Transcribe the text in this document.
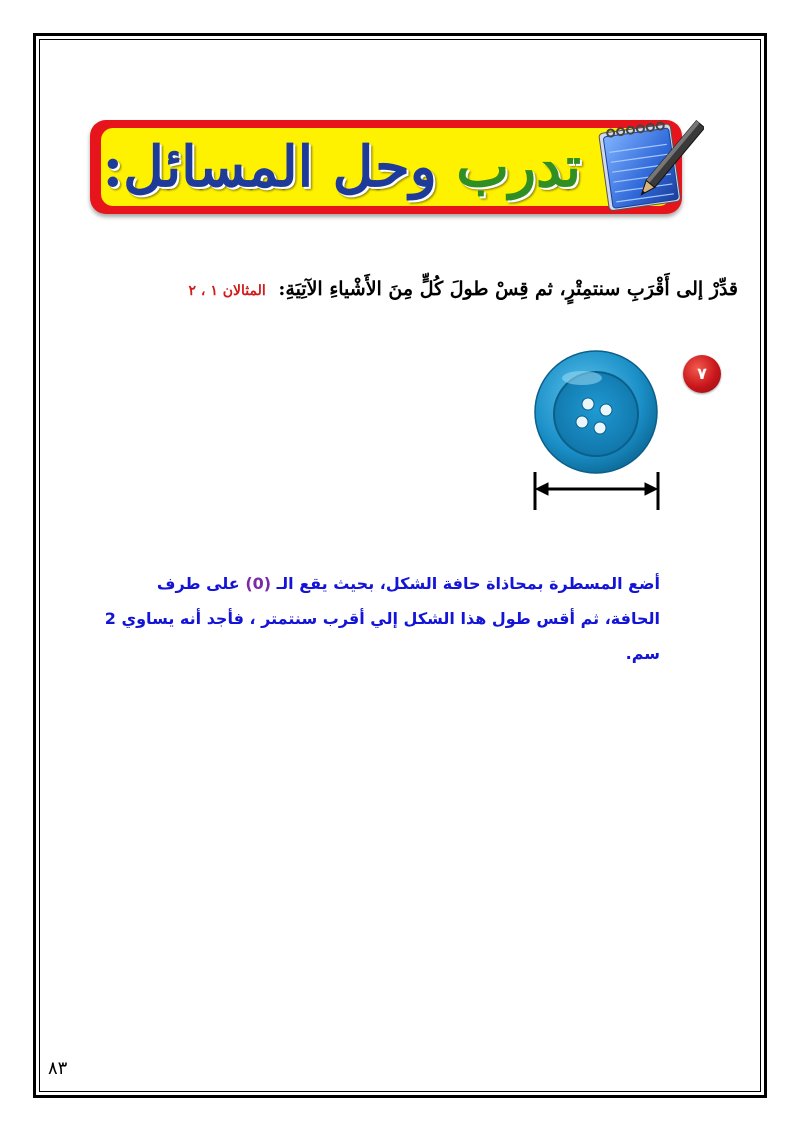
تدرب وحل المسائل:
قدِّرْ إلى أَقْرَبِ سنتمِتْرٍ، ثم قِسْ طولَ كُلٍّ مِنَ الأَشْياءِ الآتِيَةِ: المثالان ١ ، ٢
٧
أضع المسطرة بمحاذاة حافة الشكل، بحيث يقع الـ (0) على طرف الحافة، ثم أقس طول هذا الشكل إلي أقرب سنتمتر ، فأجد أنه يساوي 2 سم.
٨٣
